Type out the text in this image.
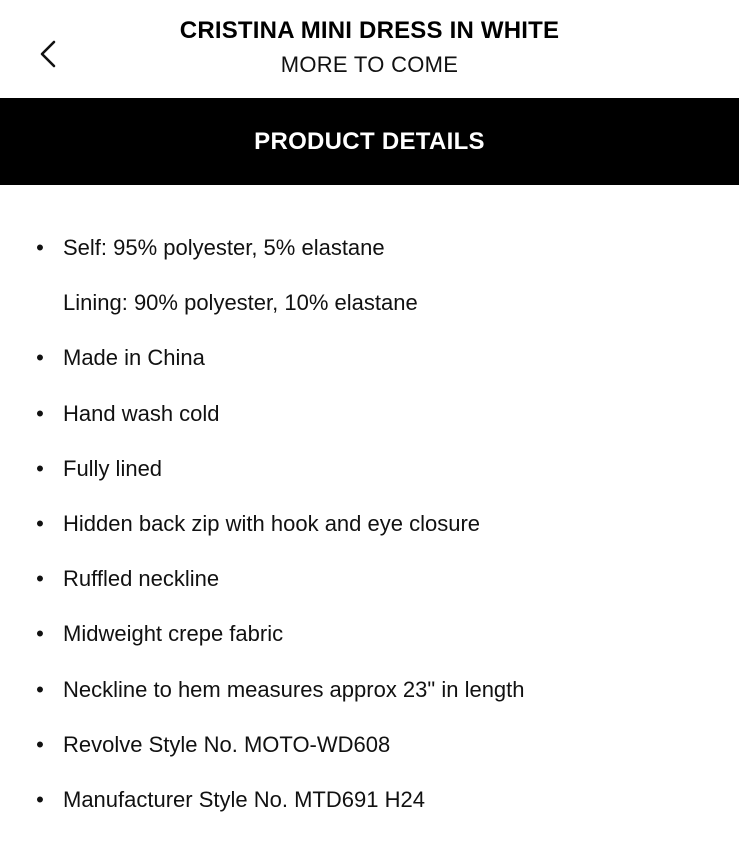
CRISTINA MINI DRESS IN WHITE
MORE TO COME
PRODUCT DETAILS
• Self: 95% polyester, 5% elastane
Lining: 90% polyester, 10% elastane
• Made in China
• Hand wash cold
• Fully lined
• Hidden back zip with hook and eye closure
• Ruffled neckline
• Midweight crepe fabric
• Neckline to hem measures approx 23" in length
• Revolve Style No. MOTO-WD608
• Manufacturer Style No. MTD691 H24
